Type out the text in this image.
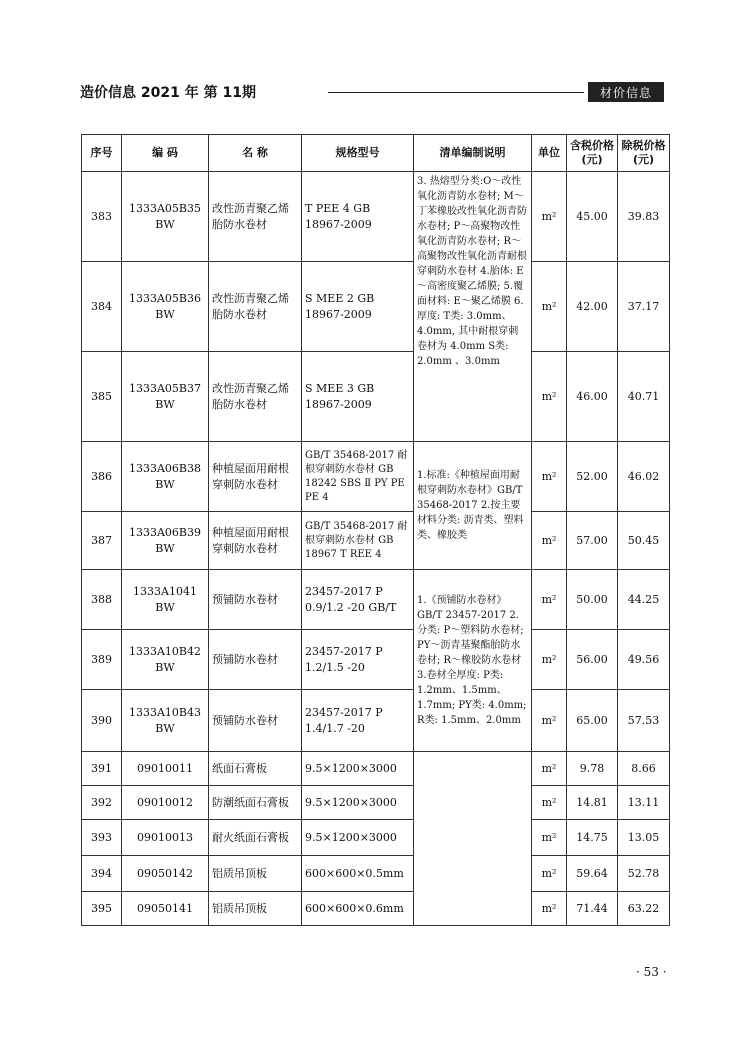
造价信息 2021 年 第 11期	材价信息
序号	编 码	名 称	规格型号	清单编制说明	单位	含税价格(元)	除税价格(元)
383	1333A05B35 BW	改性沥青聚乙烯胎防水卷材	T PEE 4 GB 18967-2009	3. 热熔型分类:O～改性氧化沥青防水卷材; M～丁苯橡胶改性氧化沥青防水卷材; P～高聚物改性氧化沥青防水卷材; R～高聚物改性氧化沥青耐根穿刺防水卷材 4.胎体: E～高密度聚乙烯膜; 5.覆面材料: E～聚乙烯膜 6.厚度: T类: 3.0mm、4.0mm, 其中耐根穿刺卷材为 4.0mm S类: 2.0mm 、3.0mm	m²	45.00	39.83
384	1333A05B36 BW	改性沥青聚乙烯胎防水卷材	S MEE 2 GB 18967-2009		m²	42.00	37.17
385	1333A05B37 BW	改性沥青聚乙烯胎防水卷材	S MEE 3 GB 18967-2009		m²	46.00	40.71
386	1333A06B38 BW	种植屋面用耐根穿刺防水卷材	GB/T 35468-2017 耐根穿刺防水卷材 GB 18242 SBS Ⅱ PY PE PE 4	1.标准:《种植屋面用耐根穿刺防水卷材》GB/T 35468-2017 2.按主要材料分类: 沥青类、塑料类、橡胶类	m²	52.00	46.02
387	1333A06B39 BW	种植屋面用耐根穿刺防水卷材	GB/T 35468-2017 耐根穿刺防水卷材 GB 18967 T REE 4		m²	57.00	50.45
388	1333A1041 BW	预铺防水卷材	23457-2017 P 0.9/1.2 -20 GB/T	1.《预铺防水卷材》GB/T 23457-2017 2.分类: P～塑料防水卷材; PY～沥青基聚酯胎防水卷材; R～橡胶防水卷材 3.卷材全厚度: P类: 1.2mm、1.5mm、1.7mm; PY类: 4.0mm; R类: 1.5mm、2.0mm	m²	50.00	44.25
389	1333A10B42 BW	预铺防水卷材	23457-2017 P 1.2/1.5 -20		m²	56.00	49.56
390	1333A10B43 BW	预铺防水卷材	23457-2017 P 1.4/1.7 -20		m²	65.00	57.53
391	09010011	纸面石膏板	9.5×1200×3000		m²	9.78	8.66
392	09010012	防潮纸面石膏板	9.5×1200×3000		m²	14.81	13.11
393	09010013	耐火纸面石膏板	9.5×1200×3000		m²	14.75	13.05
394	09050142	铝质吊顶板	600×600×0.5mm		m²	59.64	52.78
395	09050141	铝质吊顶板	600×600×0.6mm		m²	71.44	63.22
· 53 ·
